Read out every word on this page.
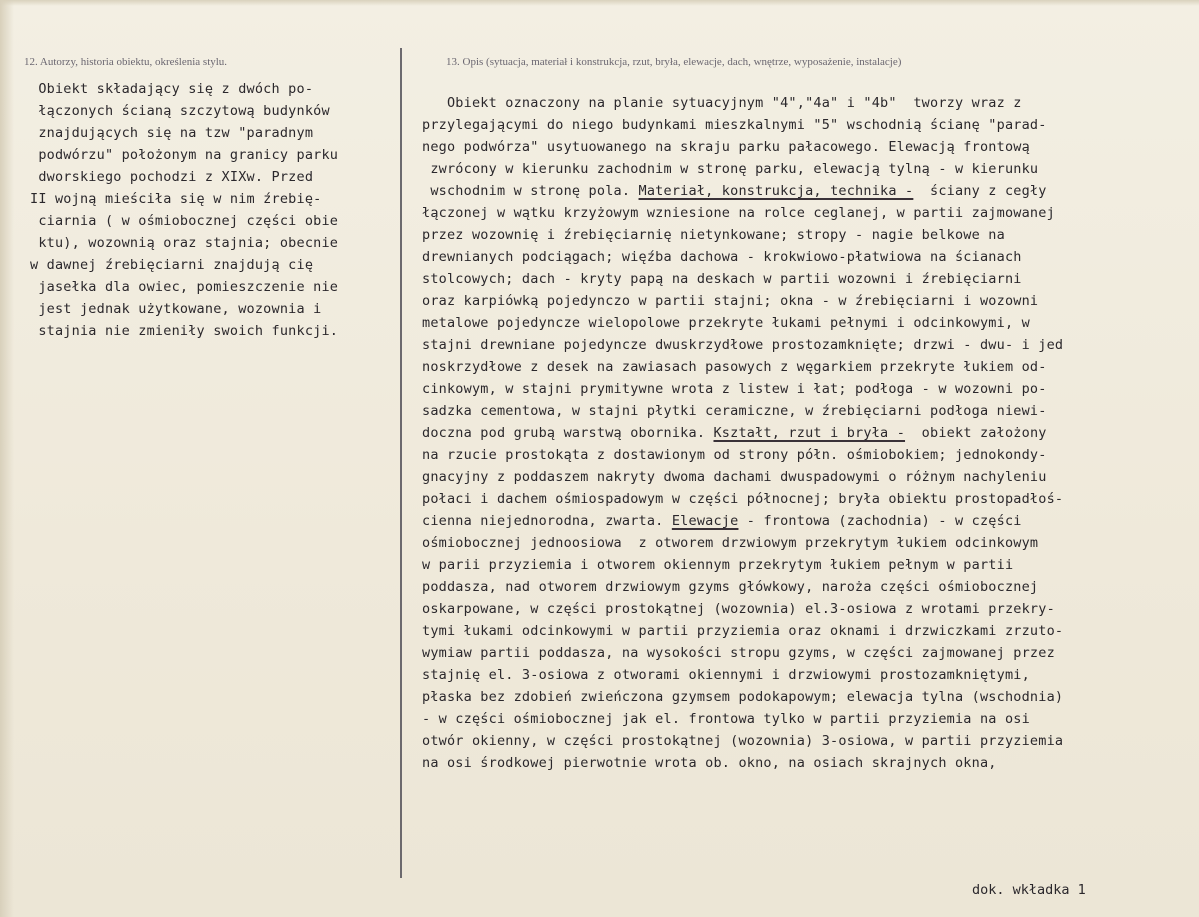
12. Autorzy, historia obiektu, określenia stylu.	13. Opis (sytuacja, materiał i konstrukcja, rzut, bryła, elewacje, dach, wnętrze, wyposażenie, instalacje)
Obiekt składający się z dwóch po-
łączonych ścianą szczytową budynków
znajdujących się na tzw "paradnym
podwórzu" położonym na granicy parku
dworskiego pochodzi z XIXw. Przed
II wojną mieściła się w nim źrebię-
ciarnia ( w ośmiobocznej części obie
ktu), wozownią oraz stajnia; obecnie
w dawnej źrebięciarni znajdują cię
jasełka dla owiec, pomieszczenie nie
jest jednak użytkowane, wozownia i
stajnia nie zmieniły swoich funkcji.
Obiekt oznaczony na planie sytuacyjnym "4","4a" i "4b"  tworzy wraz z
przylegającymi do niego budynkami mieszkalnymi "5" wschodnią ścianę "parad-
nego podwórza" usytuowanego na skraju parku pałacowego. Elewacją frontową
zwrócony w kierunku zachodnim w stronę parku, elewacją tylną - w kierunku
wschodnim w stronę pola. Materiał, konstrukcja, technika -  ściany z cegły
łączonej w wątku krzyżowym wzniesione na rolce ceglanej, w partii zajmowanej
przez wozownię i źrebięciarnię nietynkowane; stropy - nagie belkowe na
drewnianych podciągach; więźba dachowa - krokwiowo-płatwiowa na ścianach
stolcowych; dach - kryty papą na deskach w partii wozowni i źrebięciarni
oraz karpiówką pojedynczo w partii stajni; okna - w źrebięciarni i wozowni
metalowe pojedyncze wielopolowe przekryte łukami pełnymi i odcinkowymi, w
stajni drewniane pojedyncze dwuskrzydłowe prostozamknięte; drzwi - dwu- i jed
noskrzydłowe z desek na zawiasach pasowych z węgarkiem przekryte łukiem od-
cinkowym, w stajni prymitywne wrota z listew i łat; podłoga - w wozowni po-
sadzka cementowa, w stajni płytki ceramiczne, w źrebięciarni podłoga niewi-
doczna pod grubą warstwą obornika. Kształt, rzut i bryła -  obiekt założony
na rzucie prostokąta z dostawionym od strony półn. ośmiobokiem; jednokondy-
gnacyjny z poddaszem nakryty dwoma dachami dwuspadowymi o różnym nachyleniu
połaci i dachem ośmiospadowym w części północnej; bryła obiektu prostopadłoś-
cienna niejednorodna, zwarta. Elewacje - frontowa (zachodnia) - w części
ośmiobocznej jednoosiowa  z otworem drzwiowym przekrytym łukiem odcinkowym
w parii przyziemia i otworem okiennym przekrytym łukiem pełnym w partii
poddasza, nad otworem drzwiowym gzyms główkowy, naroża części ośmiobocznej
oskarpowane, w części prostokątnej (wozownia) el.3-osiowa z wrotami przekry-
tymi łukami odcinkowymi w partii przyziemia oraz oknami i drzwiczkami zrzuto-
wymiaw partii poddasza, na wysokości stropu gzyms, w części zajmowanej przez
stajnię el. 3-osiowa z otworami okiennymi i drzwiowymi prostozamkniętymi,
płaska bez zdobień zwieńczona gzymsem podokapowym; elewacja tylna (wschodnia)
- w części ośmiobocznej jak el. frontowa tylko w partii przyziemia na osi
otwór okienny, w części prostokątnej (wozownia) 3-osiowa, w partii przyziemia
na osi środkowej pierwotnie wrota ob. okno, na osiach skrajnych okna,
dok. wkładka 1
